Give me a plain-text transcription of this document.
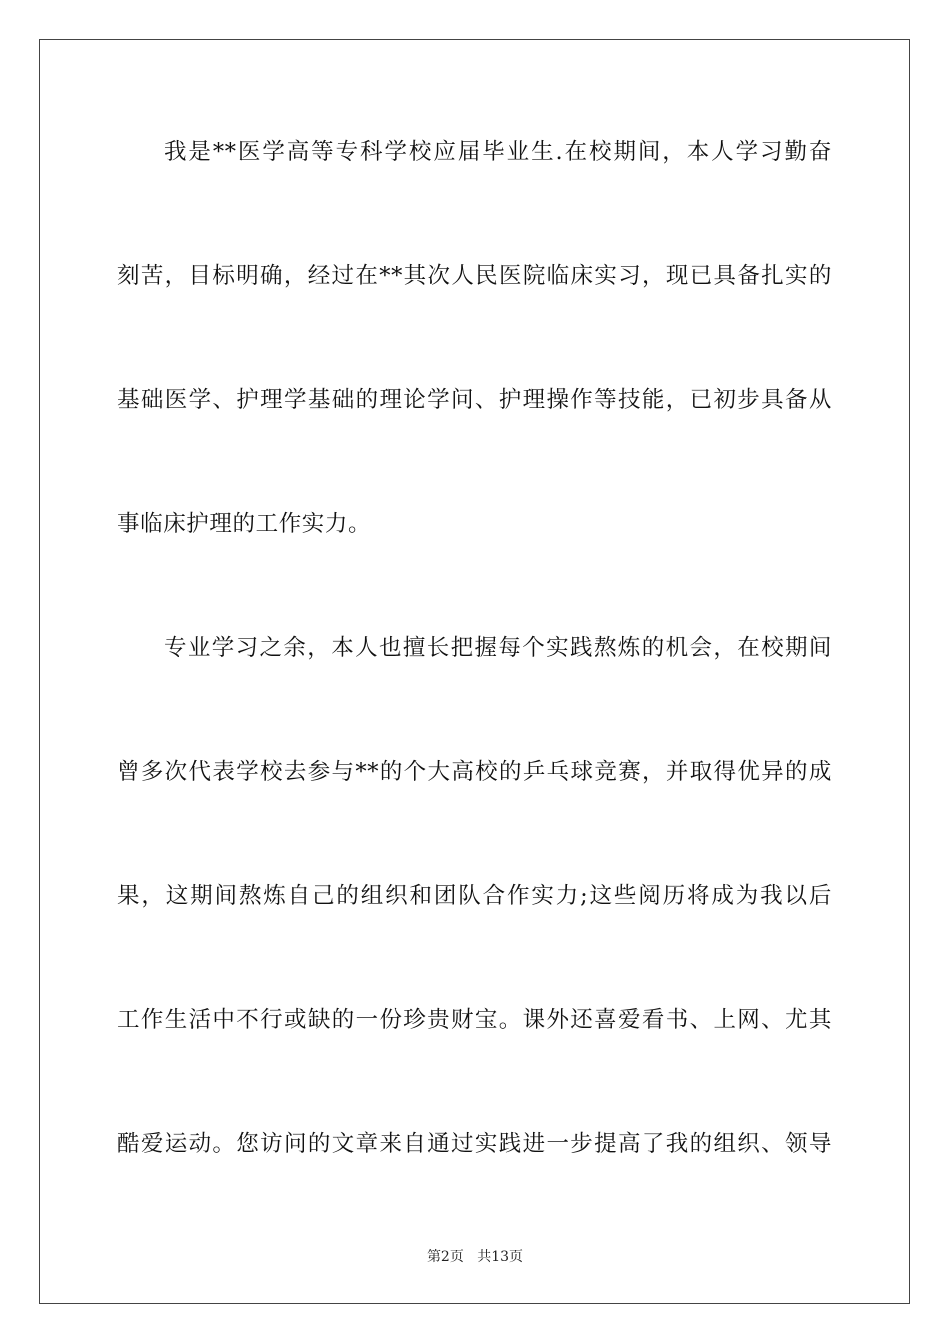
我是**医学高等专科学校应届毕业生.在校期间，本人学习勤奋
刻苦，目标明确，经过在**其次人民医院临床实习，现已具备扎实的
基础医学、护理学基础的理论学问、护理操作等技能，已初步具备从
事临床护理的工作实力。
专业学习之余，本人也擅长把握每个实践熬炼的机会，在校期间
曾多次代表学校去参与**的个大高校的乒乓球竞赛，并取得优异的成
果，这期间熬炼自己的组织和团队合作实力;这些阅历将成为我以后
工作生活中不行或缺的一份珍贵财宝。课外还喜爱看书、上网、尤其
酷爱运动。您访问的文章来自通过实践进一步提高了我的组织、领导
第2页 共13页
